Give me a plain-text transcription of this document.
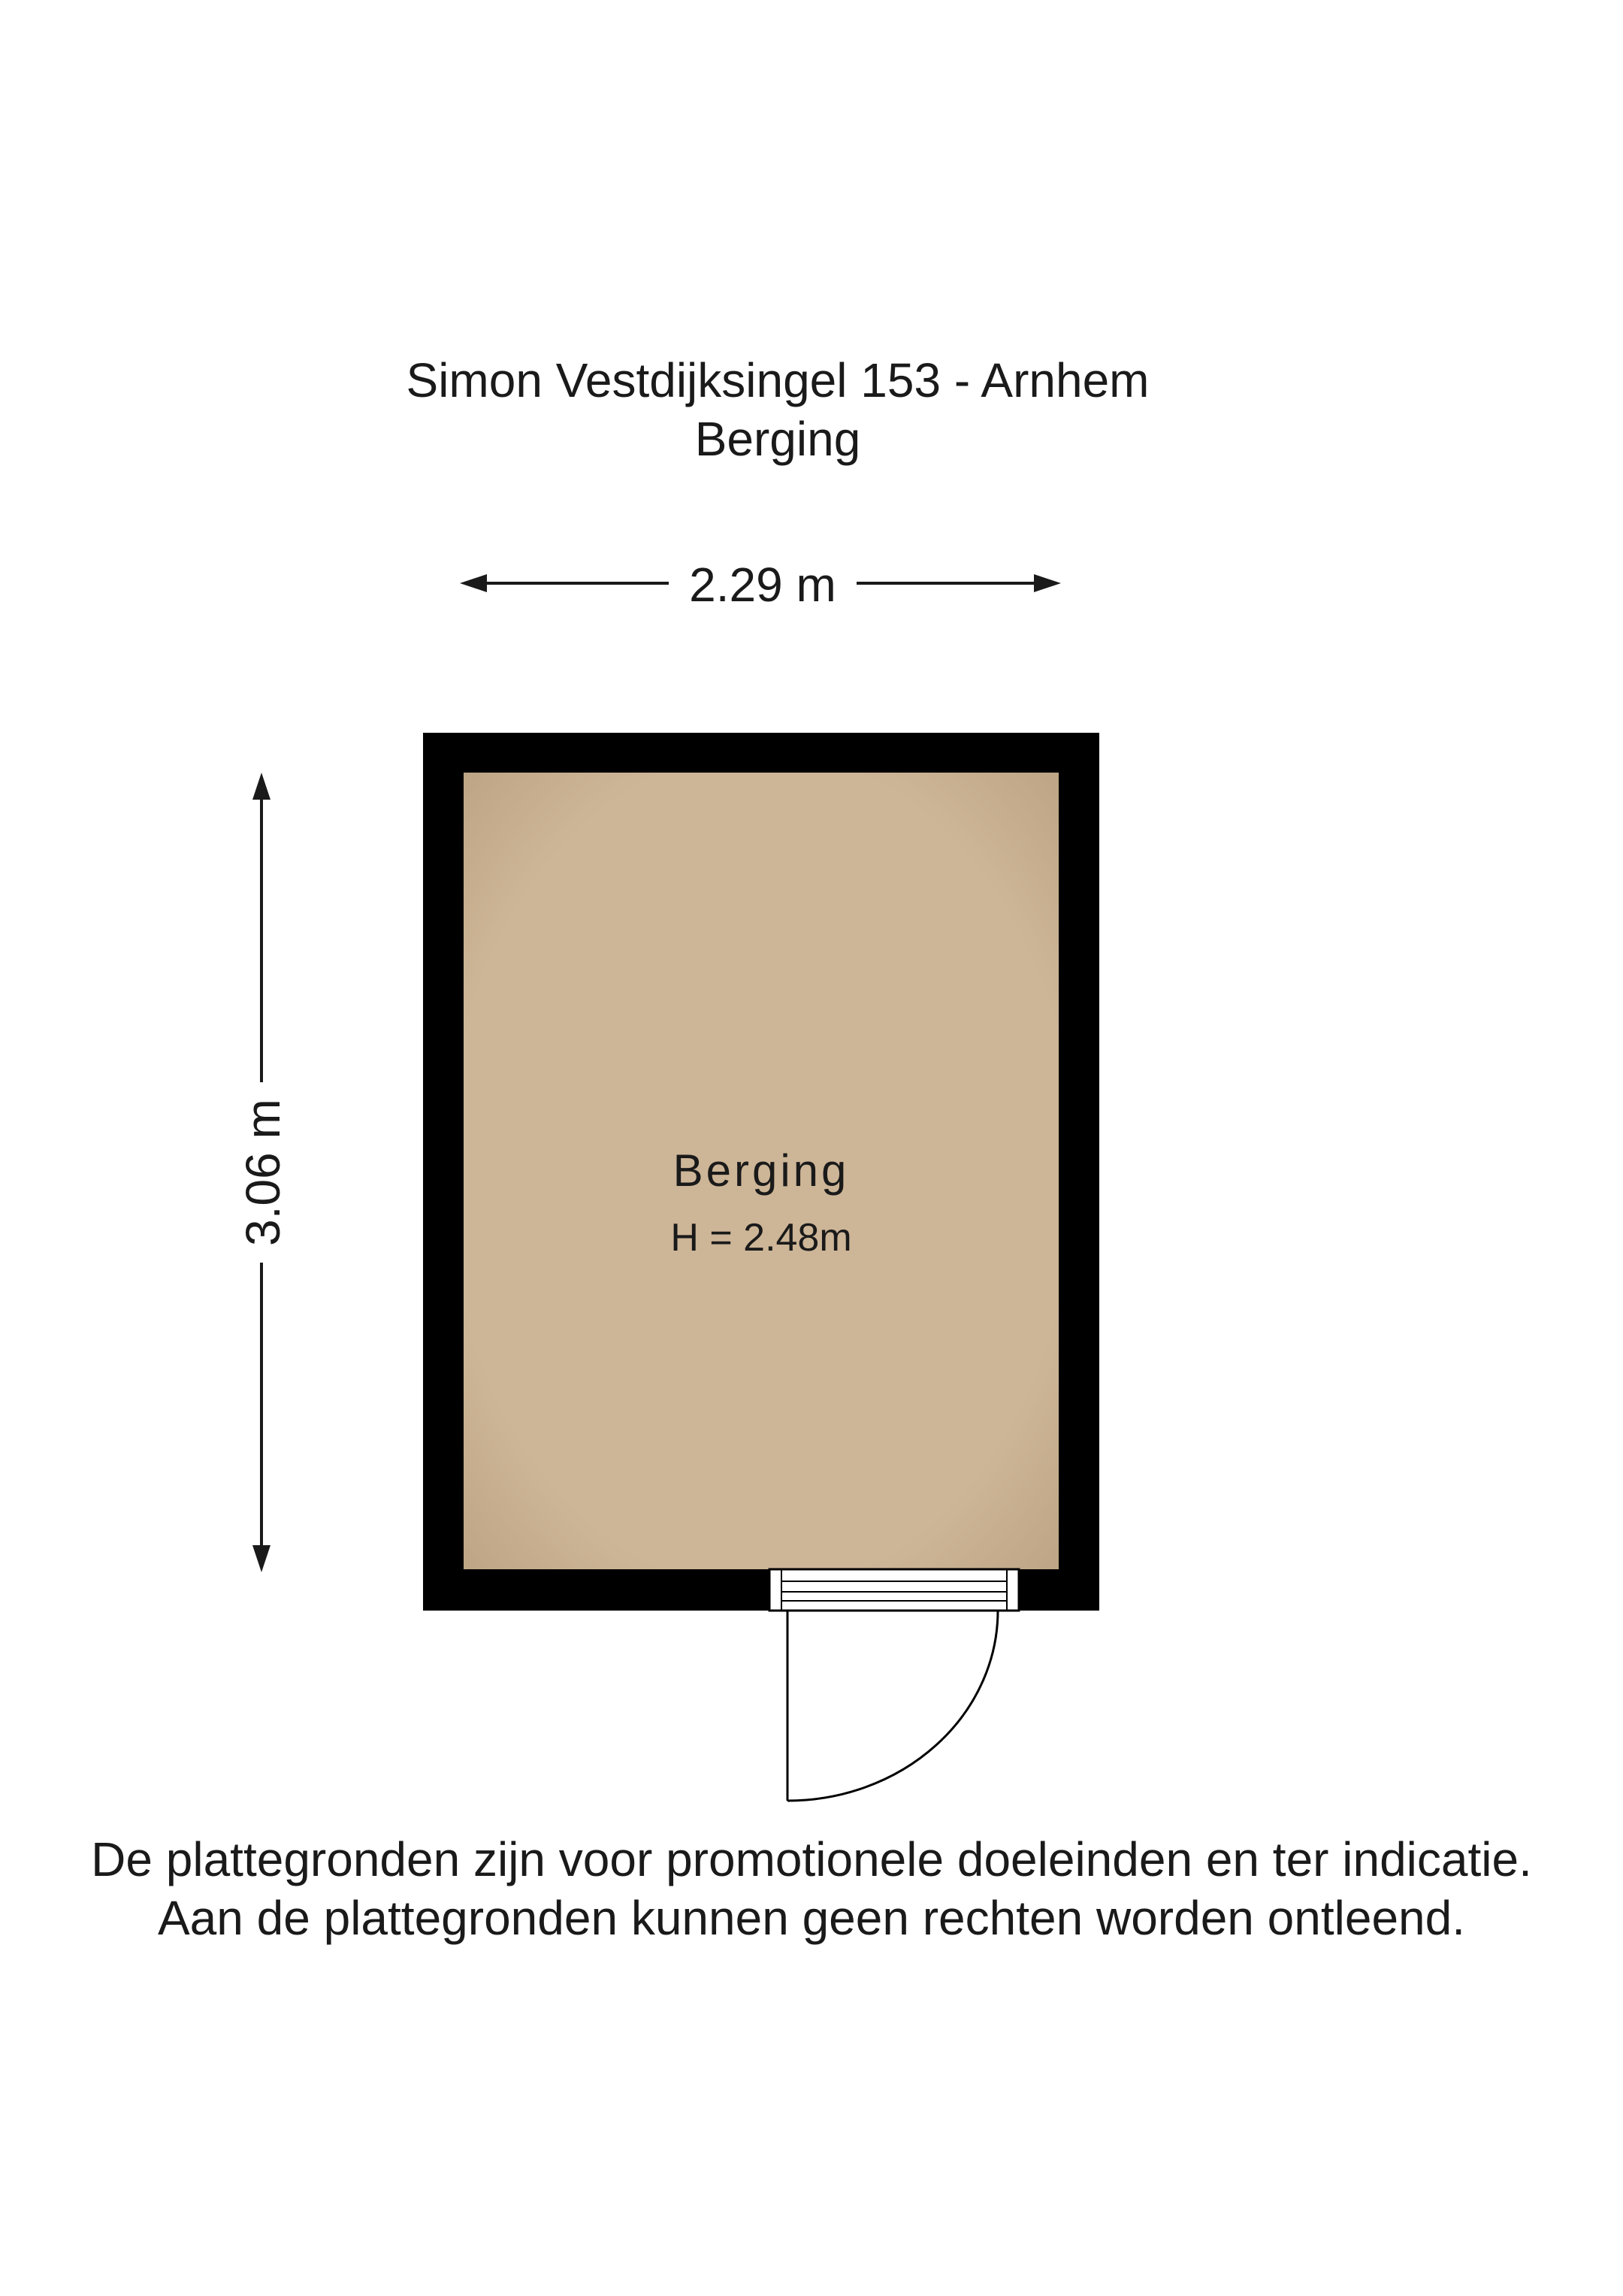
Simon Vestdijksingel 153 - Arnhem
Berging
2.29 m
3.06 m	Berging
H = 2.48m
De plattegronden zijn voor promotionele doeleinden en ter indicatie.
Aan de plattegronden kunnen geen rechten worden ontleend.
